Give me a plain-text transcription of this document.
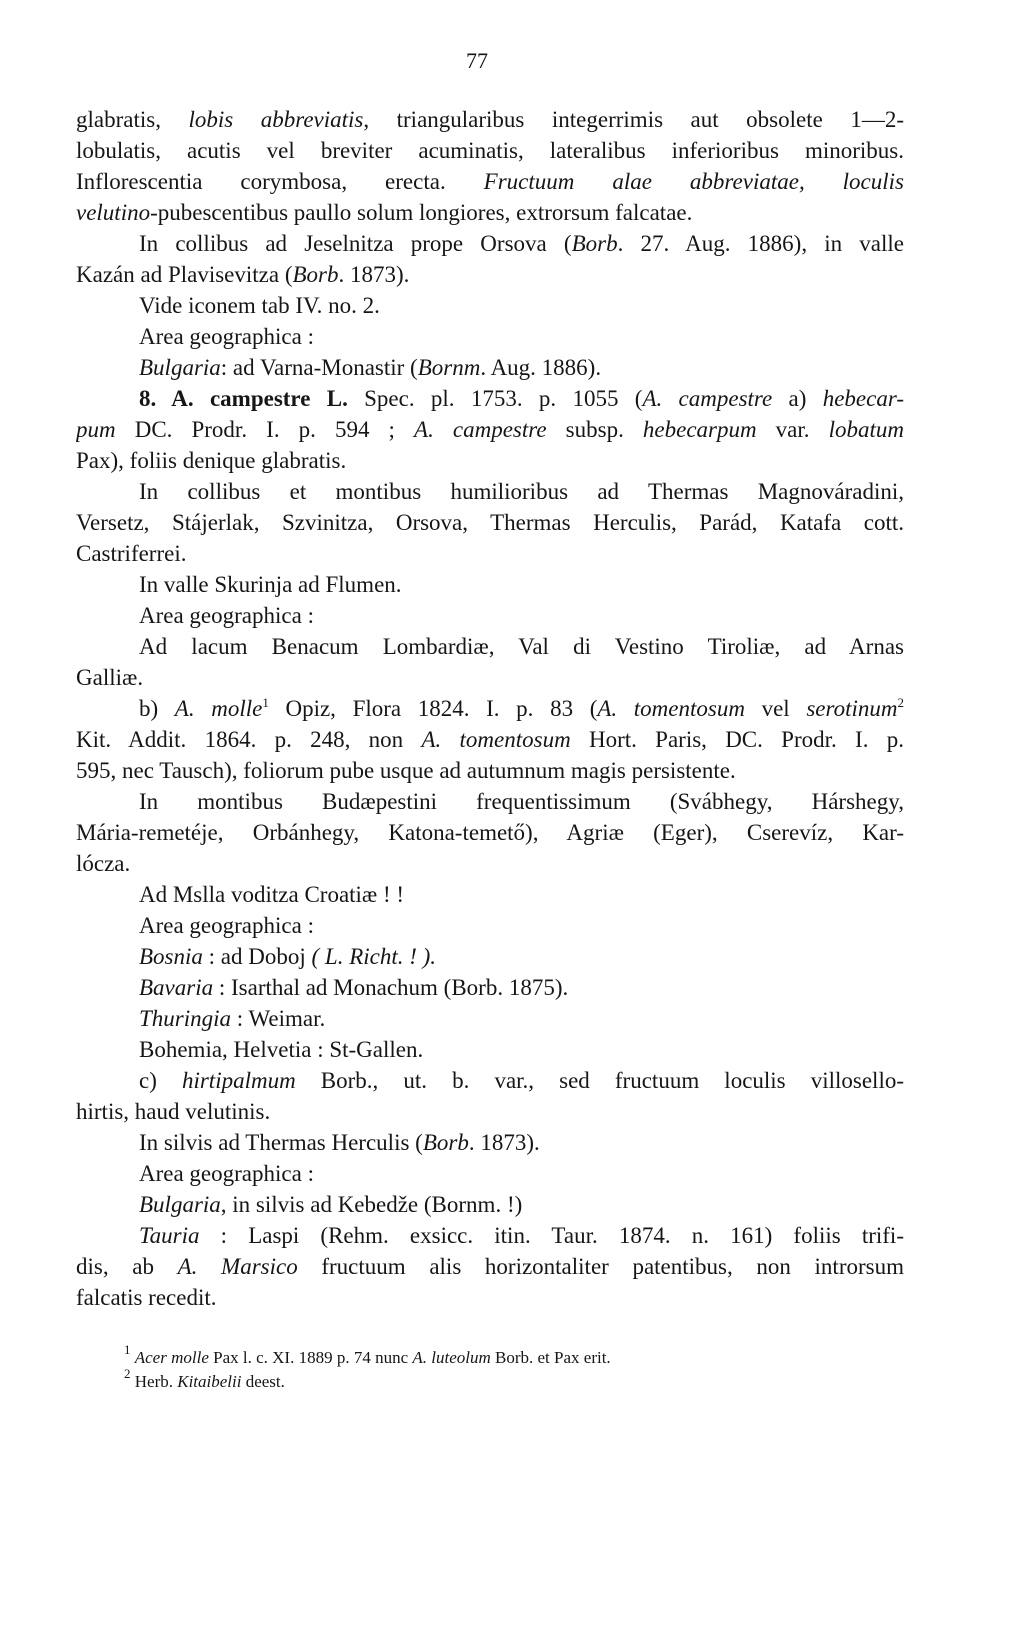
77
glabratis, lobis abbreviatis, triangularibus integerrimis aut obsolete 1—2-
lobulatis, acutis vel breviter acuminatis, lateralibus inferioribus minoribus.
Inflorescentia corymbosa, erecta. Fructuum alae abbreviatae, loculis
velutino-pubescentibus paullo solum longiores, extrorsum falcatae.
In collibus ad Jeselnitza prope Orsova (Borb. 27. Aug. 1886), in valle
Kazán ad Plavisevitza (Borb. 1873).
Vide iconem tab IV. no. 2.
Area geographica :
Bulgaria: ad Varna-Monastir (Bornm. Aug. 1886).
8. A. campestre L. Spec. pl. 1753. p. 1055 (A. campestre a) hebecar-
pum DC. Prodr. I. p. 594 ; A. campestre subsp. hebecarpum var. lobatum
Pax), foliis denique glabratis.
In collibus et montibus humilioribus ad Thermas Magnováradini,
Versetz, Stájerlak, Szvinitza, Orsova, Thermas Herculis, Parád, Katafa cott.
Castriferrei.
In valle Skurinja ad Flumen.
Area geographica :
Ad lacum Benacum Lombardiæ, Val di Vestino Tiroliæ, ad Arnas
Galliæ.
b) A. molle$^1$ Opiz, Flora 1824. I. p. 83 (A. tomentosum vel serotinum$^2$
Kit. Addit. 1864. p. 248, non A. tomentosum Hort. Paris, DC. Prodr. I. p.
595, nec Tausch), foliorum pube usque ad autumnum magis persistente.
In montibus Budæpestini frequentissimum (Svábhegy, Hárshegy,
Mária-remetéje, Orbánhegy, Katona-temető), Agriæ (Eger), Cserevíz, Kar-
lócza.
Ad Mslla voditza Croatiæ ! !
Area geographica :
Bosnia : ad Doboj ( L. Richt. ! ).
Bavaria : Isarthal ad Monachum (Borb. 1875).
Thuringia : Weimar.
Bohemia, Helvetia : St-Gallen.
c) hirtipalmum Borb., ut. b. var., sed fructuum loculis villosello-
hirtis, haud velutinis.
In silvis ad Thermas Herculis (Borb. 1873).
Area geographica :
Bulgaria, in silvis ad Kebedže (Bornm. !)
Tauria : Laspi (Rehm. exsicc. itin. Taur. 1874. n. 161) foliis trifi-
dis, ab A. Marsico fructuum alis horizontaliter patentibus, non introrsum
falcatis recedit.
$^1$ Acer molle Pax l. c. XI. 1889 p. 74 nunc A. luteolum Borb. et Pax erit.
$^2$ Herb. Kitaibelii deest.
